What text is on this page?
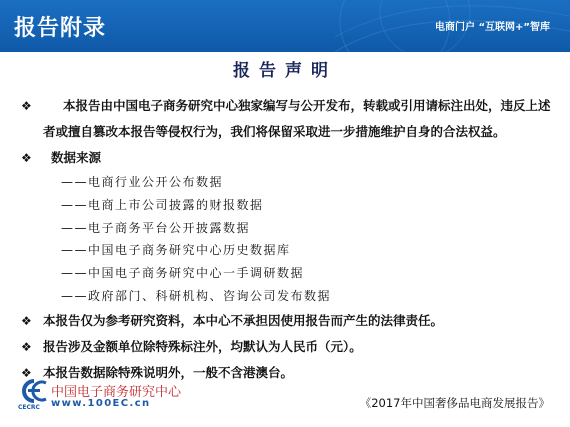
报告附录	电商门户 “互联网+”智库
报告声明
❖	本报告由中国电子商务研究中心独家编写与公开发布，转载或引用请标注出处，违反上述者或擅自篡改本报告等侵权行为，我们将保留采取进一步措施维护自身的合法权益。
❖	数据来源
——电商行业公开公布数据
——电商上市公司披露的财报数据
——电子商务平台公开披露数据
——中国电子商务研究中心历史数据库
——中国电子商务研究中心一手调研数据
——政府部门、科研机构、咨询公司发布数据
❖ 本报告仅为参考研究资料，本中心不承担因使用报告而产生的法律责任。
❖ 报告涉及金额单位除特殊标注外，均默认为人民币（元）。
❖ 本报告数据除特殊说明外，一般不含港澳台。
CECRC
中国电子商务研究中心
www.100EC.cn	《2017年中国奢侈品电商发展报告》
